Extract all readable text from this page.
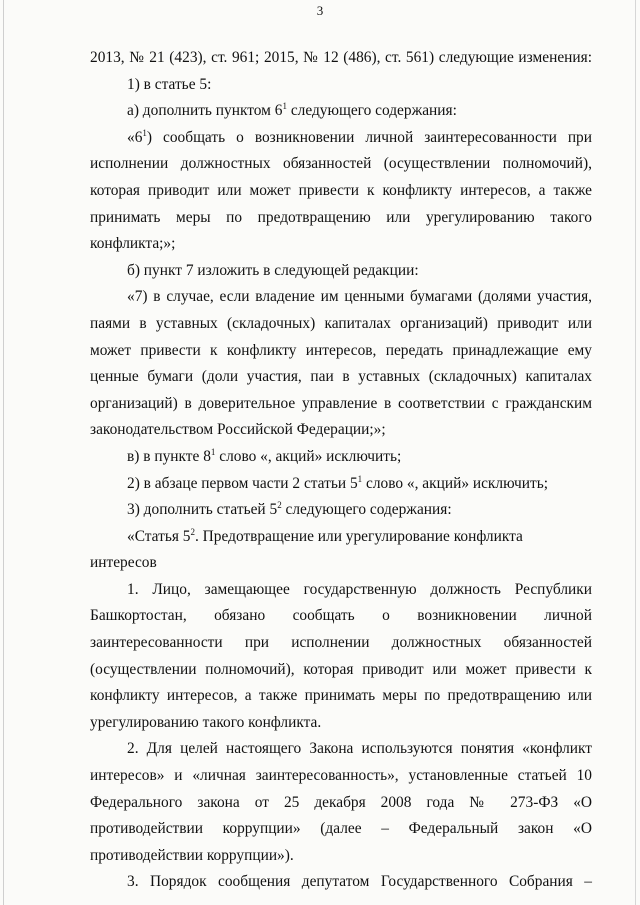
3

2013, № 21 (423), ст. 961; 2015, № 12 (486), ст. 561) следующие изменения:

1) в статье 5:

а) дополнить пунктом $6^1$ следующего содержания:

«$6^1$) сообщать о возникновении личной заинтересованности при исполнении должностных обязанностей (осуществлении полномочий), которая приводит или может привести к конфликту интересов, а также принимать меры по предотвращению или урегулированию такого конфликта;»;

б) пункт 7 изложить в следующей редакции:

«7) в случае, если владение им ценными бумагами (долями участия, паями в уставных (складочных) капиталах организаций) приводит или может привести к конфликту интересов, передать принадлежащие ему ценные бумаги (доли участия, паи в уставных (складочных) капиталах организаций) в доверительное управление в соответствии с гражданским законодательством Российской Федерации;»;

в) в пункте $8^1$ слово «, акций» исключить;

2) в абзаце первом части 2 статьи $5^1$ слово «, акций» исключить;

3) дополнить статьей $5^2$ следующего содержания:

«Статья $5^2$. Предотвращение или урегулирование конфликта интересов

1. Лицо, замещающее государственную должность Республики Башкортостан, обязано сообщать о возникновении личной заинтересованности при исполнении должностных обязанностей (осуществлении полномочий), которая приводит или может привести к конфликту интересов, а также принимать меры по предотвращению или урегулированию такого конфликта.

2. Для целей настоящего Закона используются понятия «конфликт интересов» и «личная заинтересованность», установленные статьей 10 Федерального закона от 25 декабря 2008 года № 273-ФЗ «О противодействии коррупции» (далее – Федеральный закон «О противодействии коррупции»).

3. Порядок сообщения депутатом Государственного Собрания –
